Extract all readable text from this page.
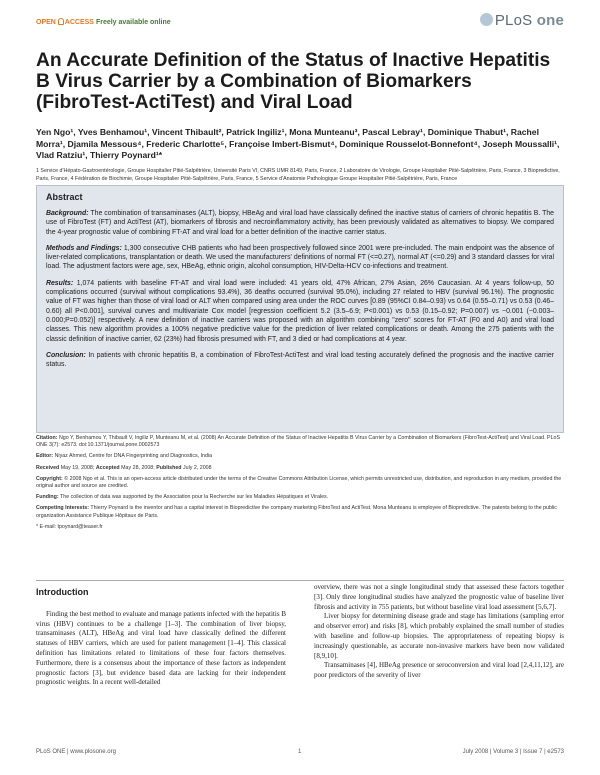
OPEN ACCESS Freely available online	PLoS one
An Accurate Definition of the Status of Inactive Hepatitis B Virus Carrier by a Combination of Biomarkers (FibroTest-ActiTest) and Viral Load

Yen Ngo¹, Yves Benhamou¹, Vincent Thibault², Patrick Ingiliz¹, Mona Munteanu³, Pascal Lebray¹, Dominique Thabut¹, Rachel Morra¹, Djamila Messous⁴, Frederic Charlotte⁵, Françoise Imbert-Bismut⁴, Dominique Rousselot-Bonnefont⁴, Joseph Moussalli¹, Vlad Ratziu¹, Thierry Poynard¹*

1 Service d'Hépato-Gastroentérologie, Groupe Hospitalier Pitié-Salpêtrière, Université Paris VI, CNRS UMR 8149, Paris, France, 2 Laboratoire de Virologie, Groupe Hospitalier Pitié-Salpêtrière, Paris, France, 3 Biopredictive, Paris, France, 4 Fédération de Biochimie, Groupe Hospitalier Pitié-Salpêtrière, Paris, France, 5 Service d'Anatomie Pathologique Groupe Hospitalier Pitié-Salpêtrière, Paris, France

Abstract

Background: The combination of transaminases (ALT), biopsy, HBeAg and viral load have classically defined the inactive status of carriers of chronic hepatitis B. The use of FibroTest (FT) and ActiTest (AT), biomarkers of fibrosis and necroinflammatory activity, has been previously validated as alternatives to biopsy. We compared the 4-year prognostic value of combining FT-AT and viral load for a better definition of the inactive carrier status.

Methods and Findings: 1,300 consecutive CHB patients who had been prospectively followed since 2001 were pre-included. The main endpoint was the absence of liver-related complications, transplantation or death. We used the manufacturers' definitions of normal FT (<=0.27), normal AT (<=0.29) and 3 standard classes for viral load. The adjustment factors were age, sex, HBeAg, ethnic origin, alcohol consumption, HIV-Delta-HCV co-infections and treatment.

Results: 1,074 patients with baseline FT-AT and viral load were included: 41 years old, 47% African, 27% Asian, 26% Caucasian. At 4 years follow-up, 50 complications occurred (survival without complications 93.4%), 36 deaths occurred (survival 95.0%), including 27 related to HBV (survival 96.1%). The prognostic value of FT was higher than those of viral load or ALT when compared using area under the ROC curves [0.89 (95%CI 0.84–0.93) vs 0.64 (0.55–0.71) vs 0.53 (0.46–0.60) all P<0.001], survival curves and multivariate Cox model [regression coefficient 5.2 (3.5–6.9; P<0.001) vs 0.53 (0.15–0.92; P=0.007) vs −0.001 (−0.003–0.000;P=0.052)] respectively. A new definition of inactive carriers was proposed with an algorithm combining "zero" scores for FT-AT (F0 and A0) and viral load classes. This new algorithm provides a 100% negative predictive value for the prediction of liver related complications or death. Among the 275 patients with the classic definition of inactive carrier, 62 (23%) had fibrosis presumed with FT, and 3 died or had complications at 4 year.

Conclusion: In patients with chronic hepatitis B, a combination of FibroTest-ActiTest and viral load testing accurately defined the prognosis and the inactive carrier status.

Citation: Ngo Y, Benhamou Y, Thibault V, Ingiliz P, Munteanu M, et al. (2008) An Accurate Definition of the Status of Inactive Hepatitis B Virus Carrier by a Combination of Biomarkers (FibroTest-ActiTest) and Viral Load. PLoS ONE 3(7): e2573. doi:10.1371/journal.pone.0002573

Editor: Niyaz Ahmed, Centre for DNA Fingerprinting and Diagnostics, India

Received May 19, 2008; Accepted May 28, 2008; Published July 2, 2008

Copyright: © 2008 Ngo et al. This is an open-access article distributed under the terms of the Creative Commons Attribution License, which permits unrestricted use, distribution, and reproduction in any medium, provided the original author and source are credited.

Funding: The collection of data was supported by the Association pour la Recherche sur les Maladies Hépatiques et Virales.

Competing Interests: Thierry Poynard is the inventor and has a capital interest in Biopredictive the company marketing FibroTest and ActiTest. Mona Munteanu is employee of Biopredictive. The patents belong to the public organization Assistance Publique Hôpitaux de Paris.

* E-mail: tpoynard@teaser.fr

Introduction

Finding the best method to evaluate and manage patients infected with the hepatitis B virus (HBV) continues to be a challenge [1–3]. The combination of liver biopsy, transaminases (ALT), HBeAg and viral load have classically defined the different statuses of HBV carriers, which are used for patient management [1–4]. This classical definition has limitations related to limitations of these four factors themselves. Furthermore, there is a consensus about the importance of these factors as independent prognostic factors [3], but evidence based data are lacking for their independent prognostic weights. In a recent well-detailed

overview, there was not a single longitudinal study that assessed these factors together [3]. Only three longitudinal studies have analyzed the prognostic value of baseline liver fibrosis and activity in 755 patients, but without baseline viral load assessment [5,6,7].

Liver biopsy for determining disease grade and stage has limitations (sampling error and observer error) and risks [8], which probably explained the small number of studies with baseline and follow-up biopsies. The appropriateness of repeating biopsy is increasingly questionable, as accurate non-invasive markers have been now validated [8,9,10].

Transaminases [4], HBeAg presence or seroconversion and viral load [2,4,11,12], are poor predictors of the severity of liver

PLoS ONE | www.plosone.org	1	July 2008 | Volume 3 | Issue 7 | e2573
